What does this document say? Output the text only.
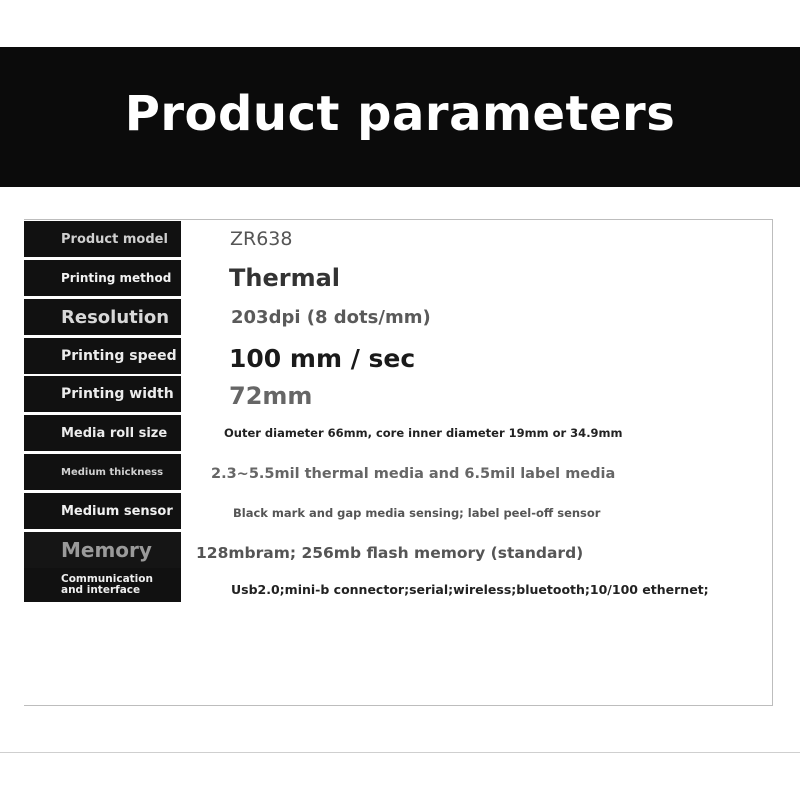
Product parameters
Product model	ZR638
Printing method	Thermal
Resolution	203dpi (8 dots/mm)
Printing speed 100 mm / sec
Printing width	72mm
Media roll size	Outer diameter 66mm, core inner diameter 19mm or 34.9mm
Medium thickness	2.3~5.5mil thermal media and 6.5mil label media
Medium sensor	Black mark and gap media sensing; label peel-off sensor
Memory	128mbram; 256mb flash memory (standard)
Communication and interface	Usb2.0;mini-b connector;serial;wireless;bluetooth;10/100 ethernet;
